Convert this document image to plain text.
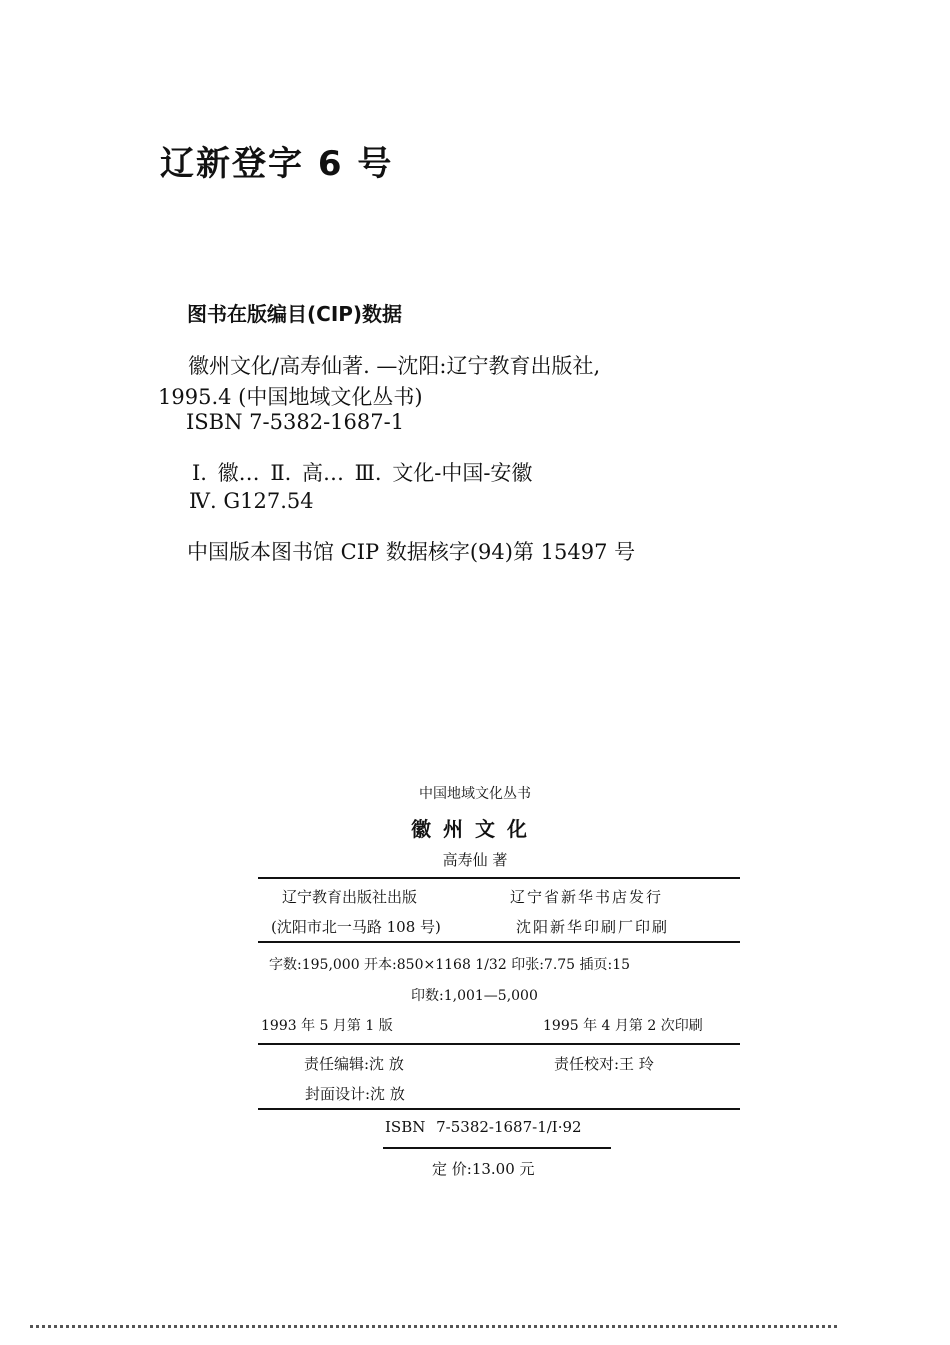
辽新登字 6 号
图书在版编目(CIP)数据
徽州文化/高寿仙著. —沈阳:辽宁教育出版社,
1995.4 (中国地域文化丛书)
ISBN 7-5382-1687-1
Ⅰ. 徽… Ⅱ. 高… Ⅲ. 文化-中国-安徽
Ⅳ. G127.54
中国版本图书馆 CIP 数据核字(94)第 15497 号
中国地域文化丛书
徽州文化
高寿仙 著
辽宁教育出版社出版	辽宁省新华书店发行
(沈阳市北一马路 108 号)	沈阳新华印刷厂印刷
字数:195,000 开本:850×1168 1/32 印张:7.75 插页:15
印数:1,001—5,000
1993 年 5 月第 1 版	1995 年 4 月第 2 次印刷
责任编辑:沈 放	责任校对:王 玲
封面设计:沈 放
ISBN 7-5382-1687-1/I·92
定 价:13.00 元
